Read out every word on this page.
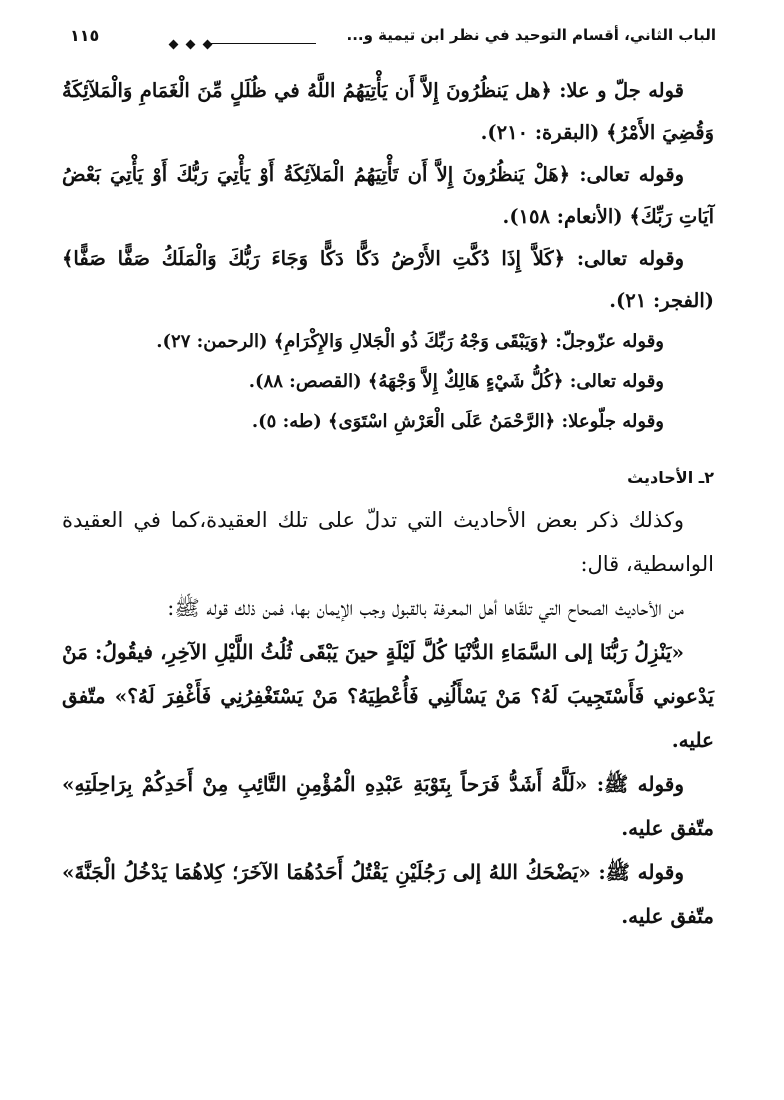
الباب الثاني، أقسام التوحيد في نظر ابن تيمية و...
١١٥

قوله جلّ و علا: ﴿هل يَنظُرُونَ إِلاَّ أَن يَأْتِيَهُمُ اللَّهُ في ظُلَلٍ مِّنَ الْغَمَامِ وَالْمَلآئِكَةُ وَقُضِيَ الأَمْرُ﴾ (البقرة: ٢١٠).

وقوله تعالى: ﴿هَلْ يَنظُرُونَ إِلاَّ أَن تَأْتِيَهُمُ الْمَلآئِكَةُ أَوْ يَأْتِيَ رَبُّكَ أَوْ يَأْتِيَ بَعْضُ آيَاتِ رَبِّكَ﴾ (الأنعام: ١٥٨).

وقوله تعالى: ﴿كَلاَّ إِذَا دُكَّتِ الأَرْضُ دَكًّا دَكًّا وَجَاءَ رَبُّكَ وَالْمَلَكُ صَفًّا صَفًّا﴾ (الفجر: ٢١).

وقوله عزّوجلّ: ﴿وَيَبْقَى وَجْهُ رَبِّكَ ذُو الْجَلالِ وَالإِكْرَامِ﴾ (الرحمن: ٢٧).

وقوله تعالى: ﴿كُلُّ شَيْءٍ هَالِكٌ إِلاَّ وَجْهَهُ﴾ (القصص: ٨٨).

وقوله جلّوعلا: ﴿الرَّحْمَنُ عَلَى الْعَرْشِ اسْتَوَى﴾ (طه: ٥).

٢ـ الأحاديث

وكذلك ذكر بعض الأحاديث التي تدلّ على تلك العقيدة،كما في العقيدة الواسطية، قال:

من الأحاديث الصحاح التي تلقّاها أهل المعرفة بالقبول وجب الإيمان بها، فمن ذلك قوله ﷺ:

«يَنْزِلُ رَبُّنَا إلى السَّمَاءِ الدُّنْيَا كُلَّ لَيْلَةٍ حينَ يَبْقَى ثُلُثُ اللَّيْلِ الآخِرِ، فيقُولُ: مَنْ يَدْعوني فَأَسْتَجِيبَ لَهُ؟ مَنْ يَسْأَلُنِي فَأُعْطِيَهُ؟ مَنْ يَسْتَغْفِرُنِي فَأَغْفِرَ لَهُ؟» متّفق عليه.

وقوله ﷺ: «لَلَّهُ أَشَدُّ فَرَحاً بِتَوْبَةِ عَبْدِهِ الْمُؤْمِنِ التَّائِبِ مِنْ أَحَدِكُمْ بِرَاحِلَتِهِ» متّفق عليه.

وقوله ﷺ: «يَضْحَكُ اللهُ إلى رَجُلَيْنِ يَقْتُلُ أَحَدُهُمَا الآخَرَ؛ كِلاهُمَا يَدْخُلُ الْجَنَّةَ» متّفق عليه.
